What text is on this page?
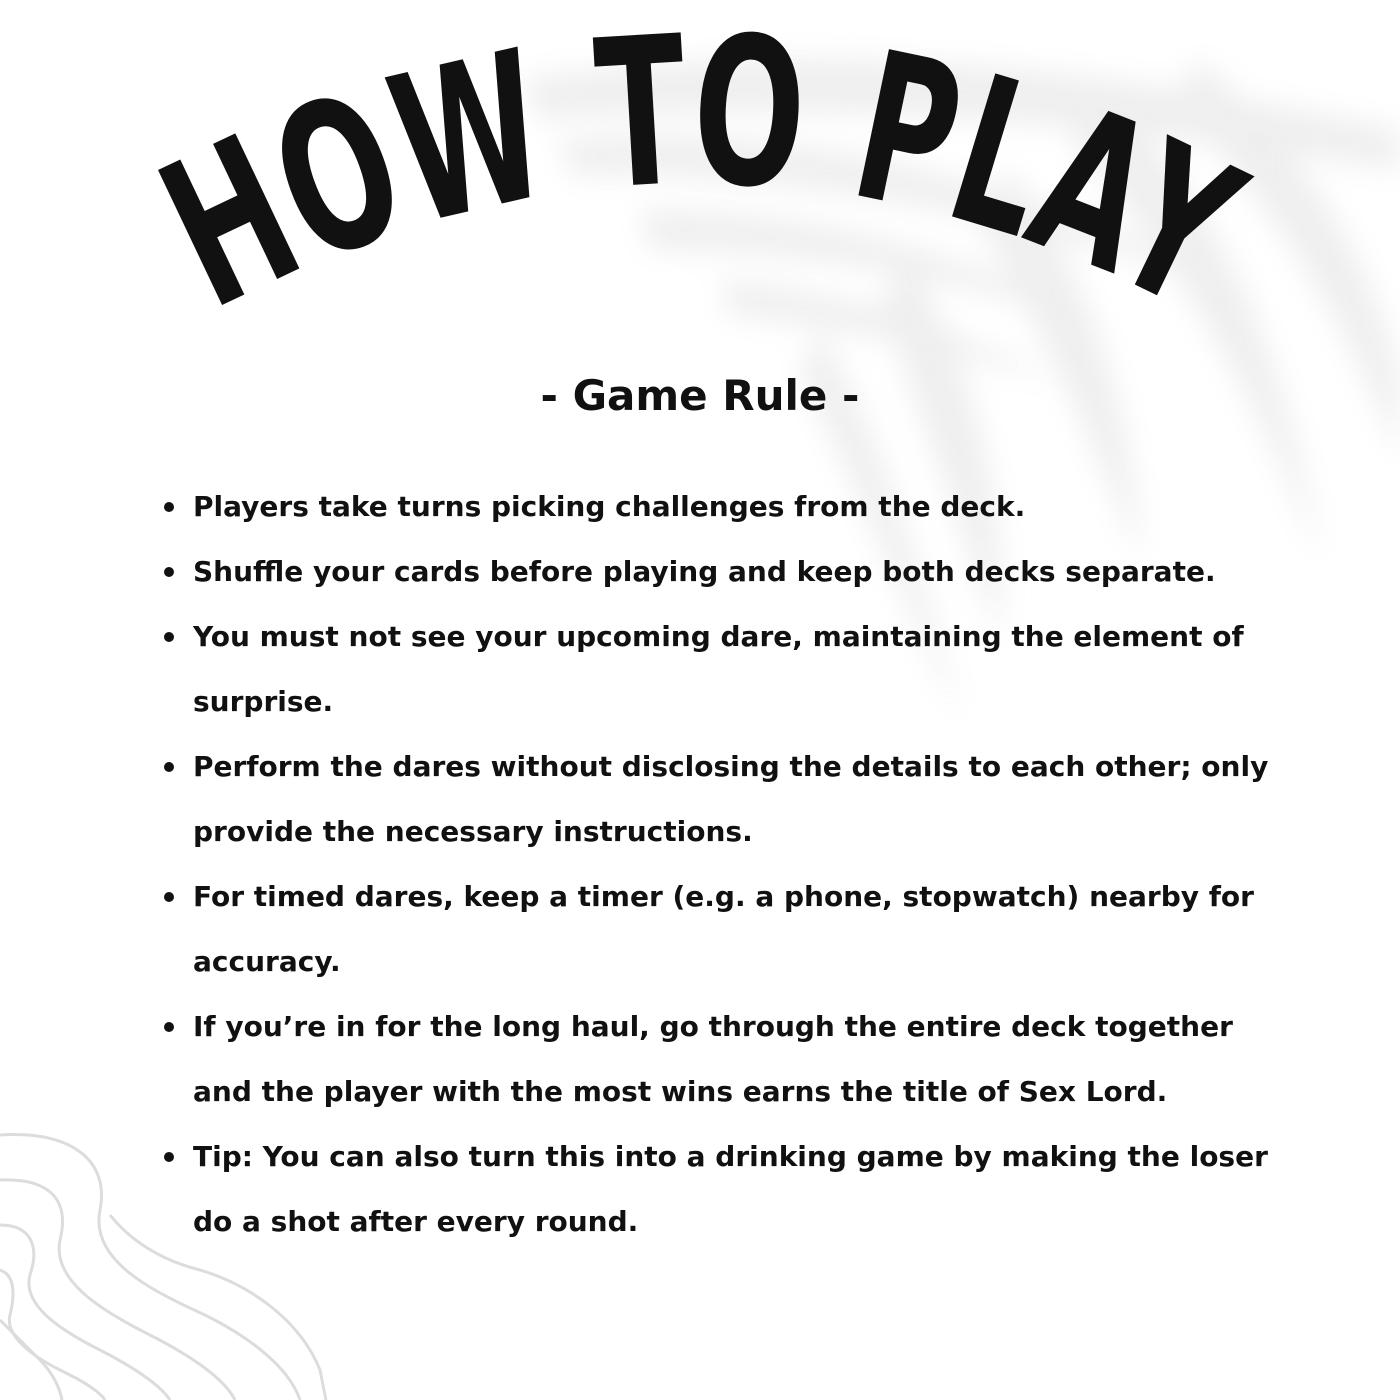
HOW TO PLAY
- Game Rule -
Players take turns picking challenges from the deck.
Shuffle your cards before playing and keep both decks separate.
You must not see your upcoming dare, maintaining the element of surprise.
Perform the dares without disclosing the details to each other; only provide the necessary instructions.
For timed dares, keep a timer (e.g. a phone, stopwatch) nearby for accuracy.
If you’re in for the long haul, go through the entire deck together and the player with the most wins earns the title of Sex Lord.
Tip: You can also turn this into a drinking game by making the loser do a shot after every round.
